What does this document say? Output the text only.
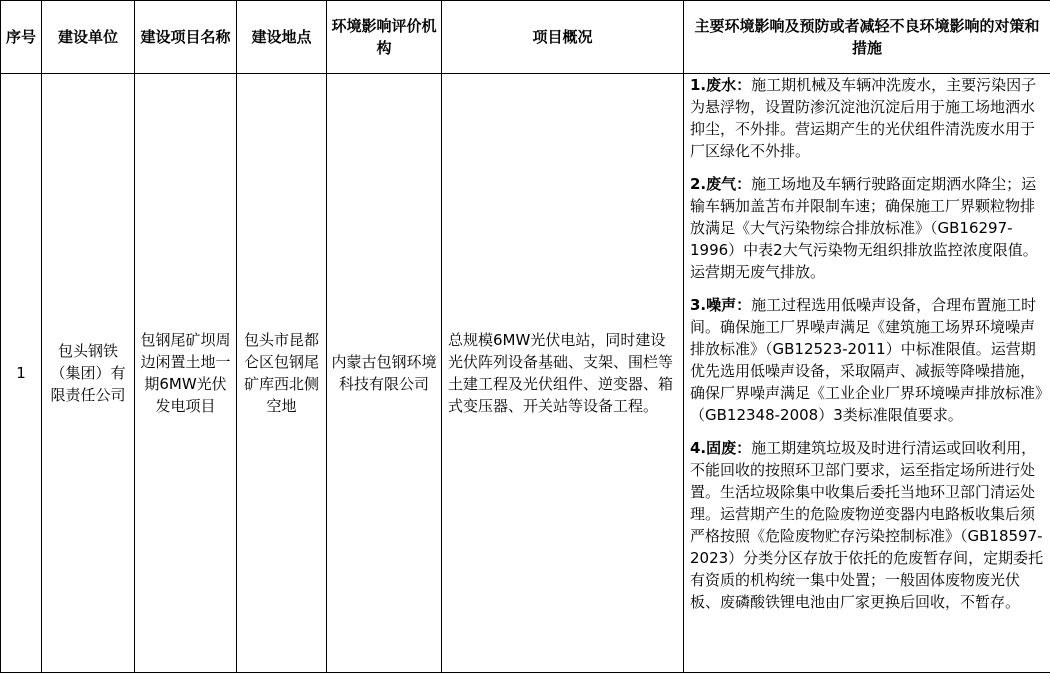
序号	建设单位	建设项目名称	建设地点	环境影响评价机构	项目概况	主要环境影响及预防或者减轻不良环境影响的对策和措施
1	包头钢铁（集团）有限责任公司	包钢尾矿坝周边闲置土地一期6MW光伏发电项目	包头市昆都仑区包钢尾矿库西北侧空地	内蒙古包钢环境科技有限公司	总规模6MW光伏电站，同时建设光伏阵列设备基础、支架、围栏等土建工程及光伏组件、逆变器、箱式变压器、开关站等设备工程。	1.废水：施工期机械及车辆冲洗废水，主要污染因子为悬浮物，设置防渗沉淀池沉淀后用于施工场地洒水抑尘，不外排。营运期产生的光伏组件清洗废水用于厂区绿化不外排。
2.废气：施工场地及车辆行驶路面定期洒水降尘；运输车辆加盖苫布并限制车速；确保施工厂界颗粒物排放满足《大气污染物综合排放标准》（GB16297-1996）中表2大气污染物无组织排放监控浓度限值。运营期无废气排放。
3.噪声：施工过程选用低噪声设备，合理布置施工时间。确保施工厂界噪声满足《建筑施工场界环境噪声排放标准》（GB12523-2011）中标准限值。运营期优先选用低噪声设备，采取隔声、减振等降噪措施，确保厂界噪声满足《工业企业厂界环境噪声排放标准》（GB12348-2008）3类标准限值要求。
4.固废：施工期建筑垃圾及时进行清运或回收利用，不能回收的按照环卫部门要求，运至指定场所进行处置。生活垃圾除集中收集后委托当地环卫部门清运处理。运营期产生的危险废物逆变器内电路板收集后须严格按照《危险废物贮存污染控制标准》（GB18597-2023）分类分区存放于依托的危废暂存间，定期委托有资质的机构统一集中处置；一般固体废物废光伏板、废磷酸铁锂电池由厂家更换后回收，不暂存。
